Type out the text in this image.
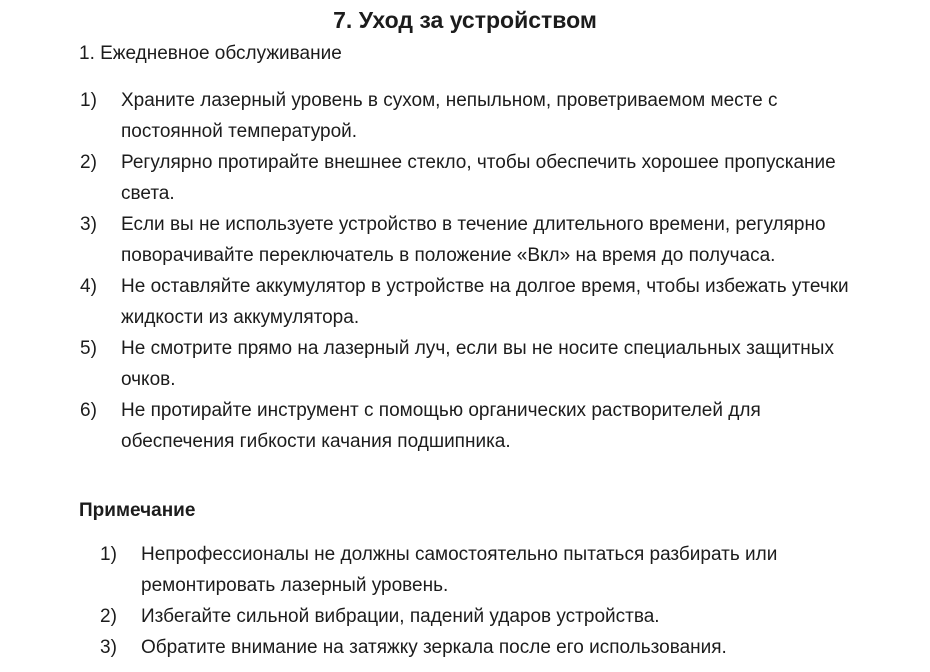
7. Уход за устройством
1. Ежедневное обслуживание
1) Храните лазерный уровень в сухом, непыльном, проветриваемом месте с постоянной температурой.
2) Регулярно протирайте внешнее стекло, чтобы обеспечить хорошее пропускание света.
3) Если вы не используете устройство в течение длительного времени, регулярно поворачивайте переключатель в положение «Вкл» на время до получаса.
4) Не оставляйте аккумулятор в устройстве на долгое время, чтобы избежать утечки жидкости из аккумулятора.
5) Не смотрите прямо на лазерный луч, если вы не носите специальных защитных очков.
6) Не протирайте инструмент с помощью органических растворителей для обеспечения гибкости качания подшипника.
Примечание
1) Непрофессионалы не должны самостоятельно пытаться разбирать или ремонтировать лазерный уровень.
2) Избегайте сильной вибрации, падений ударов устройства.
3) Обратите внимание на затяжку зеркала после его использования.
